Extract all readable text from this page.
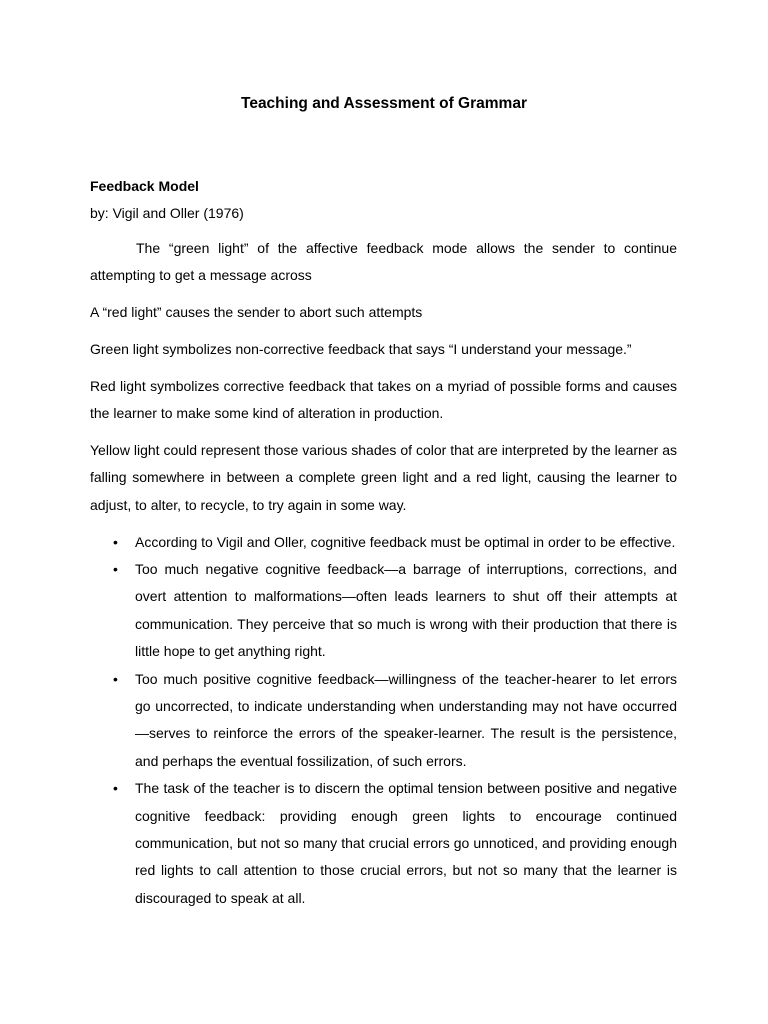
Teaching and Assessment of Grammar
Feedback Model
by: Vigil and Oller (1976)

The “green light” of the affective feedback mode allows the sender to continue attempting to get a message across

A “red light” causes the sender to abort such attempts

Green light symbolizes non-corrective feedback that says “I understand your message.”

Red light symbolizes corrective feedback that takes on a myriad of possible forms and causes the learner to make some kind of alteration in production.

Yellow light could represent those various shades of color that are interpreted by the learner as falling somewhere in between a complete green light and a red light, causing the learner to adjust, to alter, to recycle, to try again in some way.

• According to Vigil and Oller, cognitive feedback must be optimal in order to be effective.
• Too much negative cognitive feedback—a barrage of interruptions, corrections, and overt attention to malformations—often leads learners to shut off their attempts at communication. They perceive that so much is wrong with their production that there is little hope to get anything right.
• Too much positive cognitive feedback—willingness of the teacher-hearer to let errors go uncorrected, to indicate understanding when understanding may not have occurred—serves to reinforce the errors of the speaker-learner. The result is the persistence, and perhaps the eventual fossilization, of such errors.
• The task of the teacher is to discern the optimal tension between positive and negative cognitive feedback: providing enough green lights to encourage continued communication, but not so many that crucial errors go unnoticed, and providing enough red lights to call attention to those crucial errors, but not so many that the learner is discouraged to speak at all.
